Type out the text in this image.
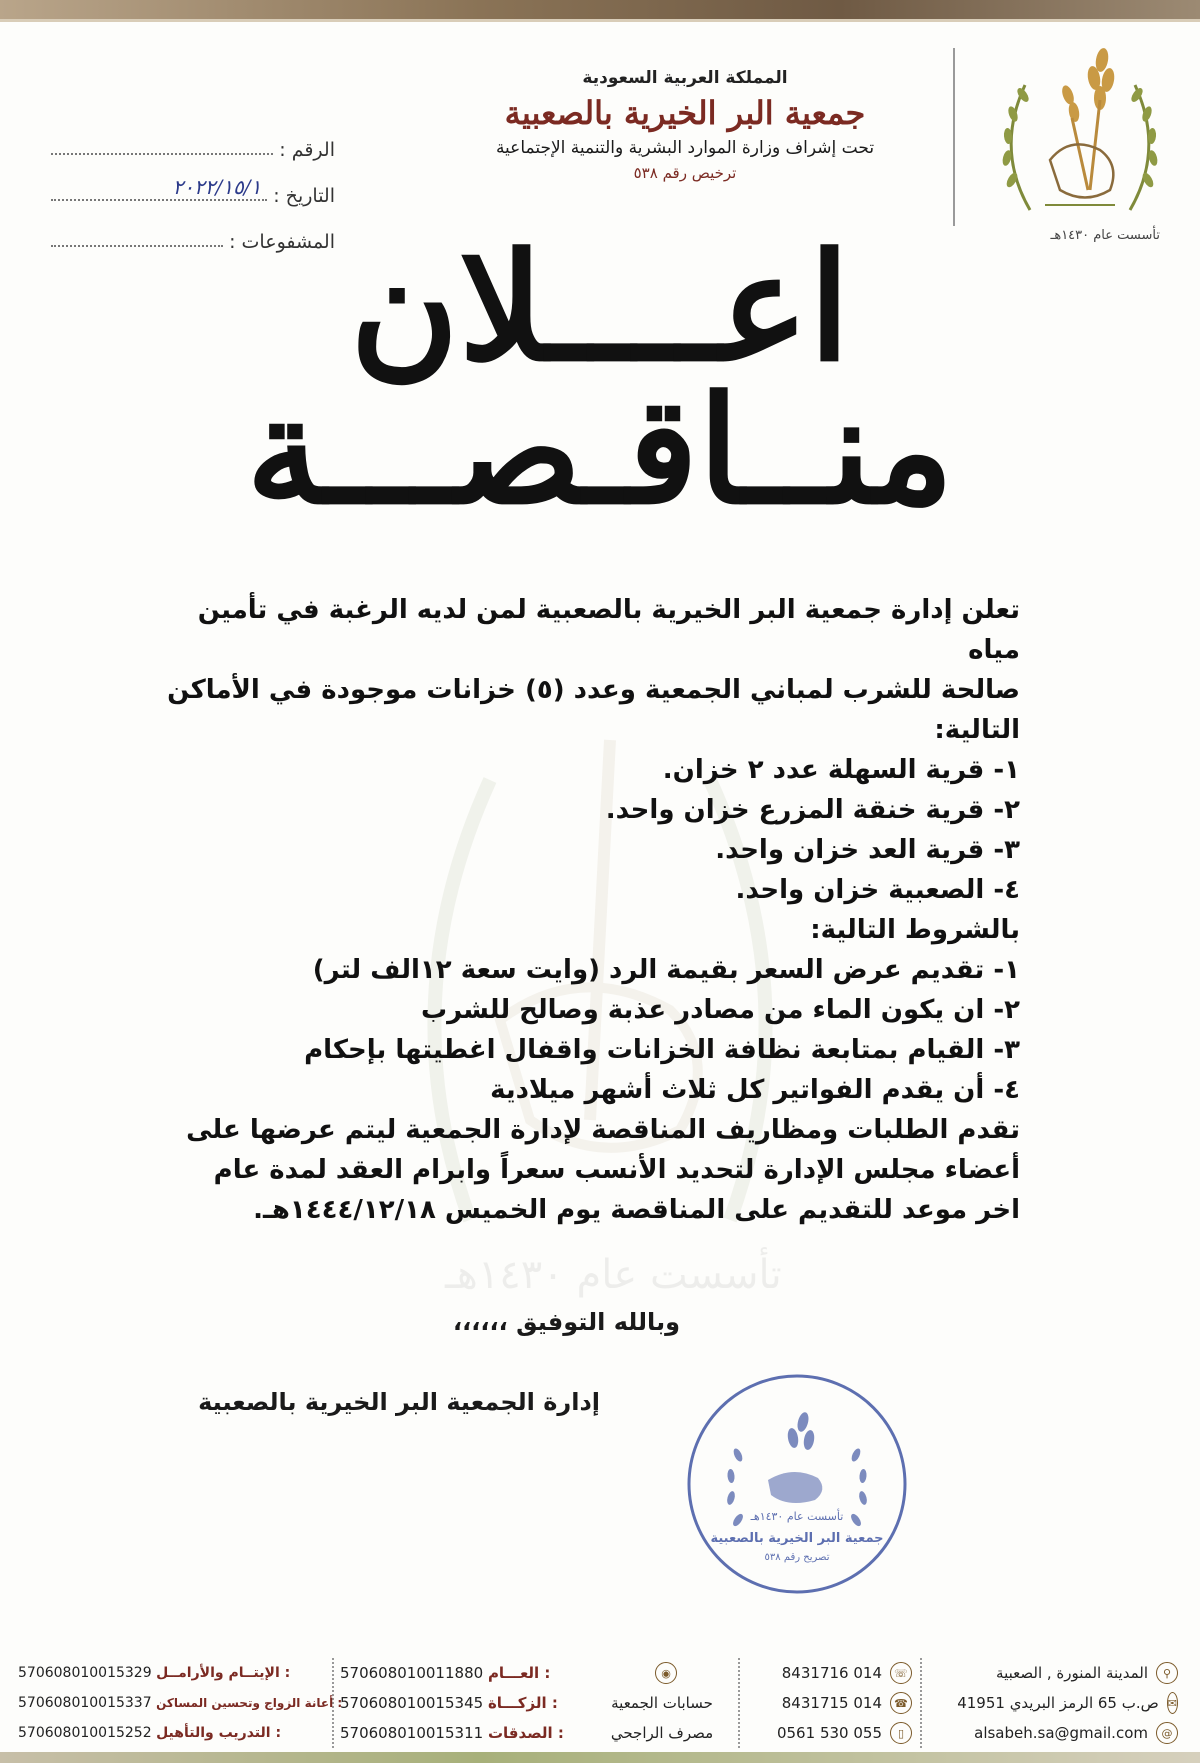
تأسست عام ١٤٣٠هـ
المملكة العربية السعودية
جمعية البر الخيرية بالصعبية
تحت إشراف وزارة الموارد البشرية والتنمية الإجتماعية
ترخيص رقم ٥٣٨
الرقم :
التاريخ :
٢٠٢٢/١٥/١
المشفوعات : اعــــلان
منــاقـصـــة
تأسست عام ١٤٣٠هـ

تعلن إدارة جمعية البر الخيرية بالصعبية لمن لديه الرغبة في تأمين مياه

صالحة للشرب لمباني الجمعية وعدد (٥) خزانات موجودة في الأماكن

التالية:

١- قرية السهلة عدد ٢ خزان.

٢- قرية خنقة المزرع خزان واحد.

٣- قرية العد خزان واحد.

٤- الصعبية خزان واحد.

بالشروط التالية:

١- تقديم عرض السعر بقيمة الرد (وايت سعة ١٢الف لتر)

٢- ان يكون الماء من مصادر عذبة وصالح للشرب

٣- القيام بمتابعة نظافة الخزانات واقفال اغطيتها بإحكام

٤- أن يقدم الفواتير كل ثلاث أشهر ميلادية

تقدم الطلبات ومظاريف المناقصة لإدارة الجمعية ليتم عرضها على

أعضاء مجلس الإدارة لتحديد الأنسب سعراً وابرام العقد لمدة عام

اخر موعد للتقديم على المناقصة يوم الخميس ١٤٤٤/١٢/١٨هـ.

وبالله التوفيق ،،،،،،
إدارة الجمعية البر الخيرية بالصعبية
تأسست عام ١٤٣٠هـ
جمعية البر الخيرية بالصعبية
تصريح رقم ٥٣٨
⚲
المدينة المنورة , الصعبية
✉
ص.ب 65 الرمز البريدي 41951
@
alsabeh.sa@gmail.com
☏
014 8431716
☎
014 8431715
▯
055 530 0561
◉
حسابات الجمعية
مصرف الراجحي
570608010011880
العـــام :
570608010015345
الزكـــاة :
570608010015311
الصدقات :
570608010015329
الإيتــام والأرامــل :
570608010015337
أعانة الزواج وتحسين المساكن :
570608010015252
التدريب والتأهيل :
